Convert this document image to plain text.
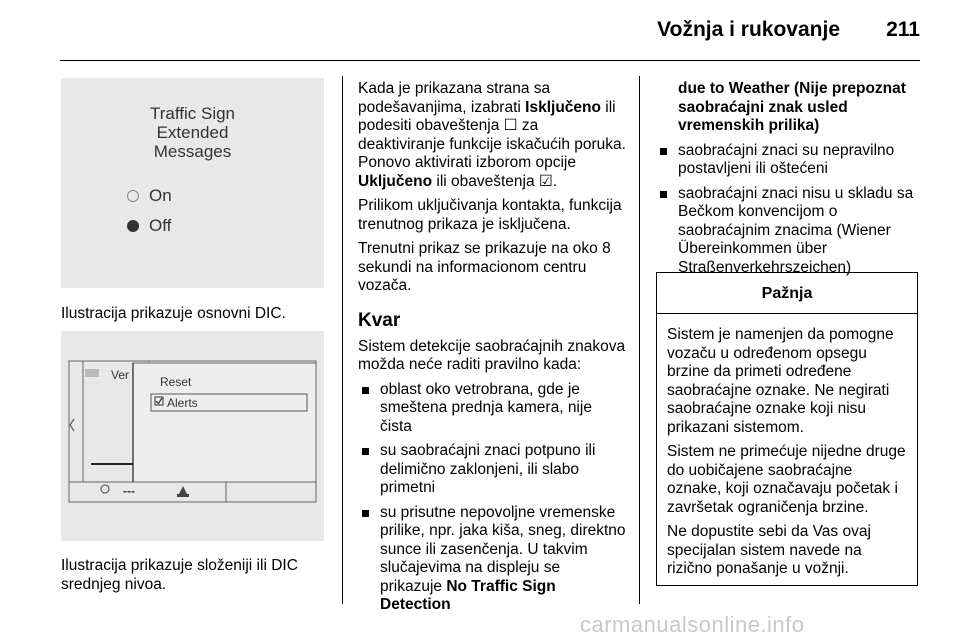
Vožnja i rukovanje 211
Traffic Sign
Extended
Messages
On
Off
Ilustracija prikazuje osnovni DIC.
Ver	Reset
Alerts
---
Ilustracija prikazuje složeniji ili DIC
srednjeg nivoa.

Kada je prikazana strana sa podešavanjima, izabrati Isključeno ili podesiti obaveštenja ☐ za deaktiviranje funkcije iskačućih poruka. Ponovo aktivirati izborom opcije Uključeno ili obaveštenja ☑.

Prilikom uključivanja kontakta, funkcija trenutnog prikaza je isključena.

Trenutni prikaz se prikazuje na oko 8 sekundi na informacionom centru vozača.

Kvar

Sistem detekcije saobraćajnih znakova možda neće raditi pravilno kada:

oblast oko vetrobrana, gde je smeštena prednja kamera, nije čista
su saobraćajni znaci potpuno ili delimično zaklonjeni, ili slabo primetni
su prisutne nepovoljne vremenske prilike, npr. jaka kiša, sneg, direktno sunce ili zasenčenja. U takvim slučajevima na displeju se prikazuje No Traffic Sign Detection

due to Weather (Nije prepoznat saobraćajni znak usled vremenskih prilika)

saobraćajni znaci su nepravilno postavljeni ili oštećeni
saobraćajni znaci nisu u skladu sa Bečkom konvencijom o saobraćajnim znacima (Wiener Übereinkommen über Straßenverkehrszeichen)
Pažnja

Sistem je namenjen da pomogne vozaču u određenom opsegu brzine da primeti određene saobraćajne oznake. Ne negirati saobraćajne oznake koji nisu prikazani sistemom.

Sistem ne primećuje nijedne druge do uobičajene saobraćajne oznake, koji označavaju početak i završetak ograničenja brzine.

Ne dopustite sebi da Vas ovaj specijalan sistem navede na rizično ponašanje u vožnji.

carmanualsonline.info
